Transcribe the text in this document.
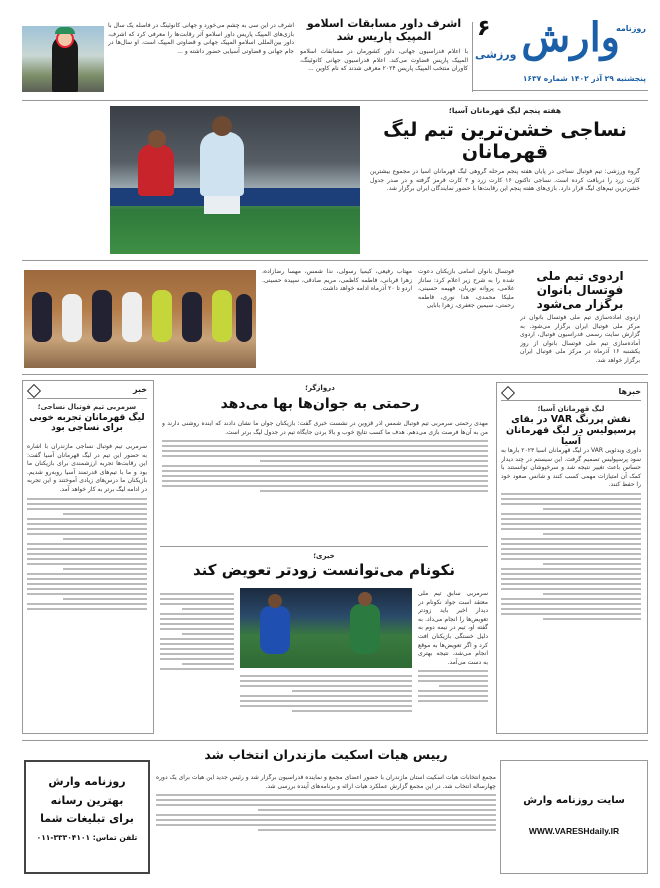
۶
ورزشی
روزنامه
وارش
پنجشنبه ۲۹ آذر ۱۴۰۲ شماره ۱۶۳۷
اشرف داور مسابقات اسلامو المپیک پاریس شد
با اعلام فدراسیون جهانی، داور کشورمان در مسابقات اسلامو المپیک پاریس قضاوت می‌کند. اعلام فدراسیون جهانی کانوئینگ، کاوران منتخب المپیک پاریس ۲۰۲۴ معرفی شدند که نام کاوین ...
اشرف در این سی به چشم می‌خورد و جهانی کانوئینگ در فاصله یک سال با بازی‌های المپیک پاریس داور اسلامو آثر رقابت‌ها را معرفی کرد که اشرف، داور بین‌المللی اسلامو المپیک جهانی و قضاوتی المپیک است. او سال‌ها در جام جهانی و قضاوتی آسیایی حضور داشته و ...
هفته پنجم لیگ قهرمانان آسیا؛
نساجی خشن‌ترین تیم لیگ قهرمانان
گروه ورزشی: تیم فوتبال نساجی در پایان هفته پنجم مرحله گروهی لیگ قهرمانان آسیا در مجموع بیشترین کارت زرد را دریافت کرده است. نساجی تاکنون ۱۶ کارت زرد و ۲ کارت قرمز گرفته و در صدر جدول خشن‌ترین تیم‌های لیگ قرار دارد. بازی‌های هفته پنجم این رقابت‌ها با حضور نمایندگان ایران برگزار شد.
اردوی تیم ملی فوتسال بانوان برگزار می‌شود
اردوی آماده‌سازی تیم ملی فوتسال بانوان در مرکز ملی فوتبال ایران برگزار می‌شود. به گزارش سایت رسمی فدراسیون فوتبال، اردوی آماده‌سازی تیم ملی فوتسال بانوان از روز یکشنبه ۱۶ آذرماه در مرکز ملی فوتبال ایران برگزار خواهد شد.
فوتسال بانوان اسامی بازیکنان دعوت شده را به شرح زیر اعلام کرد: ساناز غلامی، پروانه نوریان، فهیمه حسینی، ملیکا محمدی، هدا نوری، فاطمه رحمتی، سیمین جعفری، زهرا بابایی
مهتاب رفیعی، کیمیا رسولی، ندا شمس، مهسا رضازاده، زهرا قربانی، فاطمه کاظمی، مریم صادقی، سپیده حسینی. اردو تا ۲۰ آذرماه ادامه خواهد داشت.
خبرها
لیگ قهرمانان آسیا؛
نقش پررنگ VAR در بقای پرسپولیس در لیگ قهرمانان آسیا
داوری ویدئویی VAR در لیگ قهرمانان آسیا ۲۰۲۳ بارها به سود پرسپولیس تصمیم گرفت. این سیستم در چند دیدار حساس باعث تغییر نتیجه شد و سرخپوشان توانستند با کمک آن امتیازات مهمی کسب کنند و شانس صعود خود را حفظ کنند.
دروازگر؛
رحمتی به جوان‌ها بها می‌دهد
مهدی رحمتی سرمربی تیم فوتبال شمس آذر قزوین در نشست خبری گفت: بازیکنان جوان ما نشان دادند که آینده روشنی دارند و من به آن‌ها فرصت بازی می‌دهم. هدف ما کسب نتایج خوب و بالا بردن جایگاه تیم در جدول لیگ برتر است.
خبر
سرمربی تیم فوتبال نساجی؛
لیگ قهرمانان تجربه خوبی برای نساجی بود
سرمربی تیم فوتبال نساجی مازندران با اشاره به حضور این تیم در لیگ قهرمانان آسیا گفت: این رقابت‌ها تجربه ارزشمندی برای بازیکنان ما بود و ما با تیم‌های قدرتمند آسیا روبه‌رو شدیم. بازیکنان ما درس‌های زیادی آموختند و این تجربه در ادامه لیگ برتر به کار خواهد آمد.
خبری؛
نکونام می‌توانست زودتر تعویض کند
سرمربی سابق تیم ملی معتقد است جواد نکونام در دیدار اخیر باید زودتر تعویض‌ها را انجام می‌داد. به گفته او، تیم در نیمه دوم به دلیل خستگی بازیکنان افت کرد و اگر تعویض‌ها به موقع انجام می‌شد، نتیجه بهتری به دست می‌آمد.
روزنامه وارش
بهترین رسانه
برای تبلیغات شما
تلفن تماس: ۳۳۳۰۴۱۰۱-۰۱۱
رییس هیات اسکیت مازندران انتخاب شد
مجمع انتخابات هیات اسکیت استان مازندران با حضور اعضای مجمع و نماینده فدراسیون برگزار شد و رئیس جدید این هیات برای یک دوره چهارساله انتخاب شد. در این مجمع گزارش عملکرد هیات ارائه و برنامه‌های آینده بررسی شد.
سایت روزنامه وارش
WWW.VARESHdaily.IR
